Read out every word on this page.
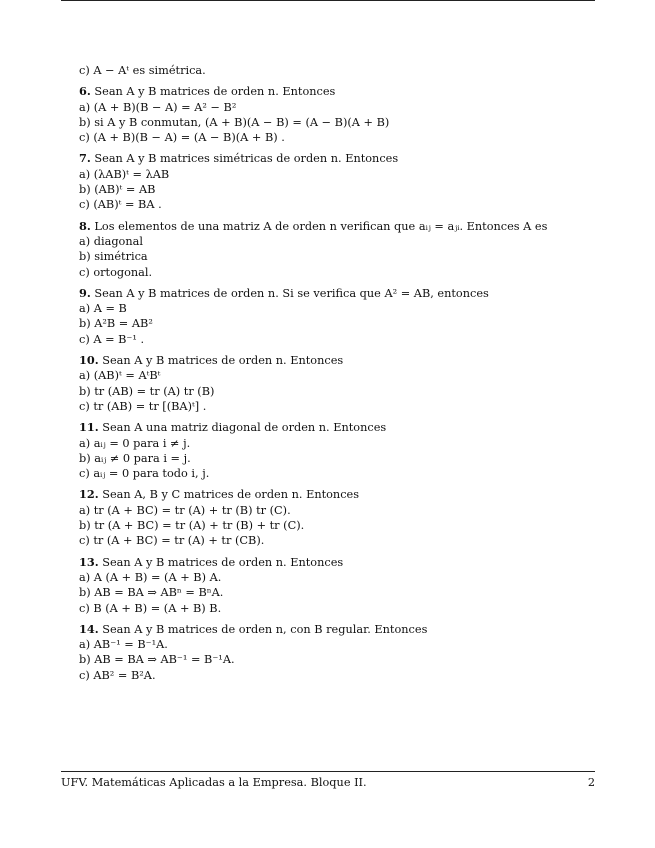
c) A − Aᵗ es simétrica.
6. Sean A y B matrices de orden n. Entonces
a) (A + B)(B − A) = A² − B²
b) si A y B conmutan, (A + B)(A − B) = (A − B)(A + B)
c) (A + B)(B − A) = (A − B)(A + B) .
7. Sean A y B matrices simétricas de orden n. Entonces
a) (λAB)ᵗ = λAB
b) (AB)ᵗ = AB
c) (AB)ᵗ = BA .
8. Los elementos de una matriz A de orden n verifican que aᵢⱼ = aⱼᵢ. Entonces A es
a) diagonal
b) simétrica
c) ortogonal.
9. Sean A y B matrices de orden n. Si se verifica que A² = AB, entonces
a) A = B
b) A²B = AB²
c) A = B⁻¹ .
10. Sean A y B matrices de orden n. Entonces
a) (AB)ᵗ = AᵗBᵗ
b) tr (AB) = tr (A) tr (B)
c) tr (AB) = tr [(BA)ᵗ] .
11. Sean A una matriz diagonal de orden n. Entonces
a) aᵢⱼ = 0 para i ≠ j.
b) aᵢⱼ ≠ 0 para i = j.
c) aᵢⱼ = 0 para todo i, j.
12. Sean A, B y C matrices de orden n. Entonces
a) tr (A + BC) = tr (A) + tr (B) tr (C).
b) tr (A + BC) = tr (A) + tr (B) + tr (C).
c) tr (A + BC) = tr (A) + tr (CB).
13. Sean A y B matrices de orden n. Entonces
a) A (A + B) = (A + B) A.
b) AB = BA ⇒ ABⁿ = BⁿA.
c) B (A + B) = (A + B) B.
14. Sean A y B matrices de orden n, con B regular. Entonces
a) AB⁻¹ = B⁻¹A.
b) AB = BA ⇒ AB⁻¹ = B⁻¹A.
c) AB² = B²A.
UFV. Matemáticas Aplicadas a la Empresa. Bloque II.	2
